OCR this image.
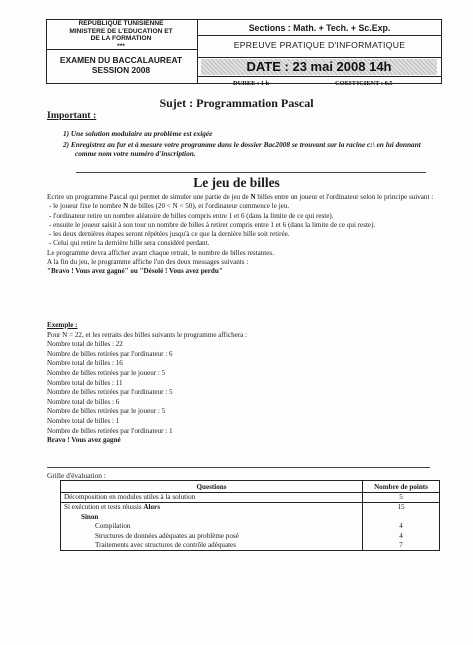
REPUBLIQUE TUNISIENNE
MINISTERE DE L'EDUCATION ET
DE LA FORMATION
***
EXAMEN DU BACCALAUREAT
SESSION 2008
Sections : Math. + Tech. + Sc.Exp.
EPREUVE PRATIQUE D'INFORMATIQUE
DATE : 23 mai 2008 14h
DUREE : 1 h	COEFFICIENT : 0.5
Sujet : Programmation Pascal
Important :

1) Une solution modulaire au problème est exigée

2) Enregistrez au fur et à mesure votre programme dans le dossier Bac2008 se trouvant sur la racine c:\ en lui donnant comme nom votre numéro d'inscription.

Le jeu de billes

Ecrire un programme Pascal qui permet de simuler une partie de jeu de N billes entre un joueur et l'ordinateur selon le principe suivant :

- le joueur fixe le nombre N de billes (20 < N < 50), et l'ordinateur commence le jeu.

- l'ordinateur retire un nombre aléatoire de billes compris entre 1 et 6 (dans la limite de ce qui reste).

- ensuite le joueur saisit à son tour un nombre de billes à retirer compris entre 1 et 6 (dans la limite de ce qui reste).

- les deux dernières étapes seront répétées jusqu'à ce que la dernière bille soit retirée.

- Celui qui retire la dernière bille sera considéré perdant.

Le programme devra afficher avant chaque retrait, le nombre de billes restantes.

A la fin du jeu, le programme affiche l'un des deux messages suivants :

"Bravo ! Vous avez gagné" ou "Désolé ! Vous avez perdu"

Exemple :

Pour N = 22, et les retraits des billes suivants le programme affichera :

Nombre total de billes : 22

Nombre de billes retirées par l'ordinateur : 6

Nombre total de billes : 16

Nombre de billes retirées par le joueur : 5

Nombre total de billes : 11

Nombre de billes retirées par l'ordinateur : 5

Nombre total de billes : 6

Nombre de billes retirées par le joueur : 5

Nombre total de billes : 1

Nombre de billes retirées par l'ordinateur : 1

Bravo ! Vous avez gagné

Grille d'évaluation :
Questions	Nombre de points
Décomposition en modules utiles à la solution	5
Si exécution et tests réussis Alors	15
Sinon	
Compilation	4
Structures de données adéquates au problème posé	4
Traitements avec structures de contrôle adéquates	7
